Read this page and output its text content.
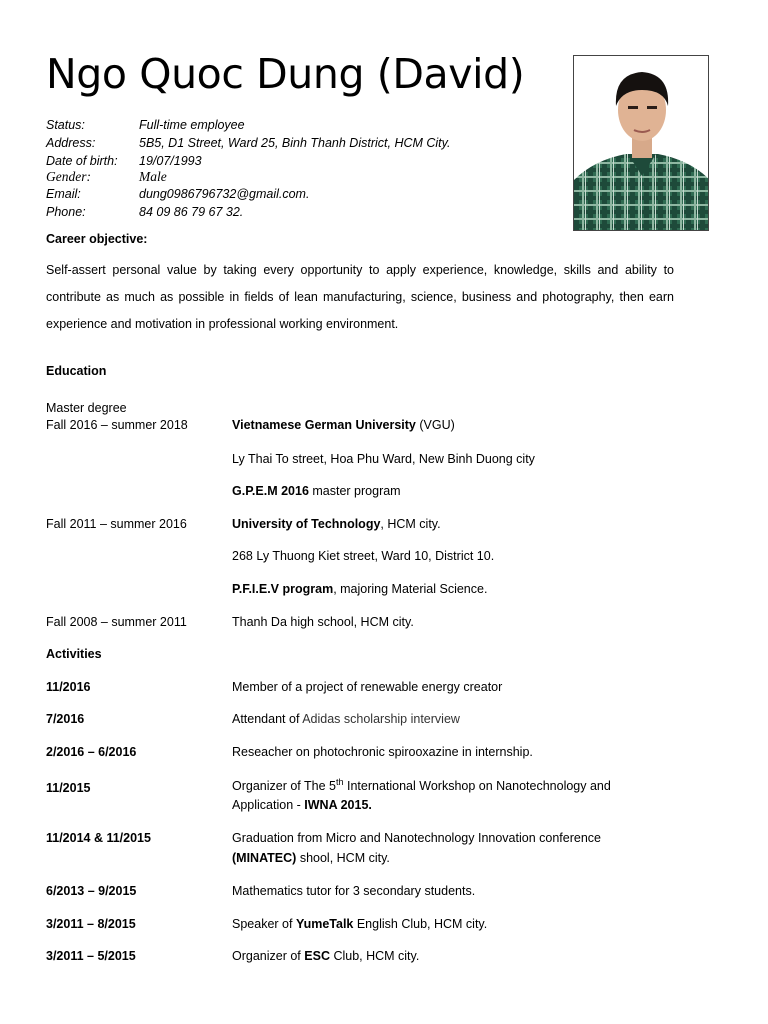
Ngo Quoc Dung (David)
Status:	Full-time employee
Address:	5B5, D1 Street, Ward 25, Binh Thanh District, HCM City.
Date of birth: 19/07/1993
Gender:	Male
Email:	dung0986796732@gmail.com.
Phone:	84 09 86 79 67 32.
Career objective:
Self-assert personal value by taking every opportunity to apply experience, knowledge, skills and ability to contribute as much as possible in fields of lean manufacturing, science, business and photography, then earn experience and motivation in professional working environment.
Education
Master degree
Fall 2016 – summer 2018	Vietnamese German University (VGU)
Ly Thai To street, Hoa Phu Ward, New Binh Duong city
G.P.E.M 2016 master program
Fall 2011 – summer 2016	University of Technology, HCM city.
268 Ly Thuong Kiet street, Ward 10, District 10.
P.F.I.E.V program, majoring Material Science.
Fall 2008 – summer 2011	Thanh Da high school, HCM city.
Activities
11/2016	Member of a project of renewable energy creator
7/2016	Attendant of Adidas scholarship interview
2/2016 – 6/2016	Reseacher on photochronic spirooxazine in internship.
11/2015	Organizer of The 5th International Workshop on Nanotechnology and
Application - IWNA 2015.
11/2014 & 11/2015	Graduation from Micro and Nanotechnology Innovation conference
(MINATEC) shool, HCM city.
6/2013 – 9/2015	Mathematics tutor for 3 secondary students.
3/2011 – 8/2015	Speaker of YumeTalk English Club, HCM city.
3/2011 – 5/2015	Organizer of ESC Club, HCM city.
